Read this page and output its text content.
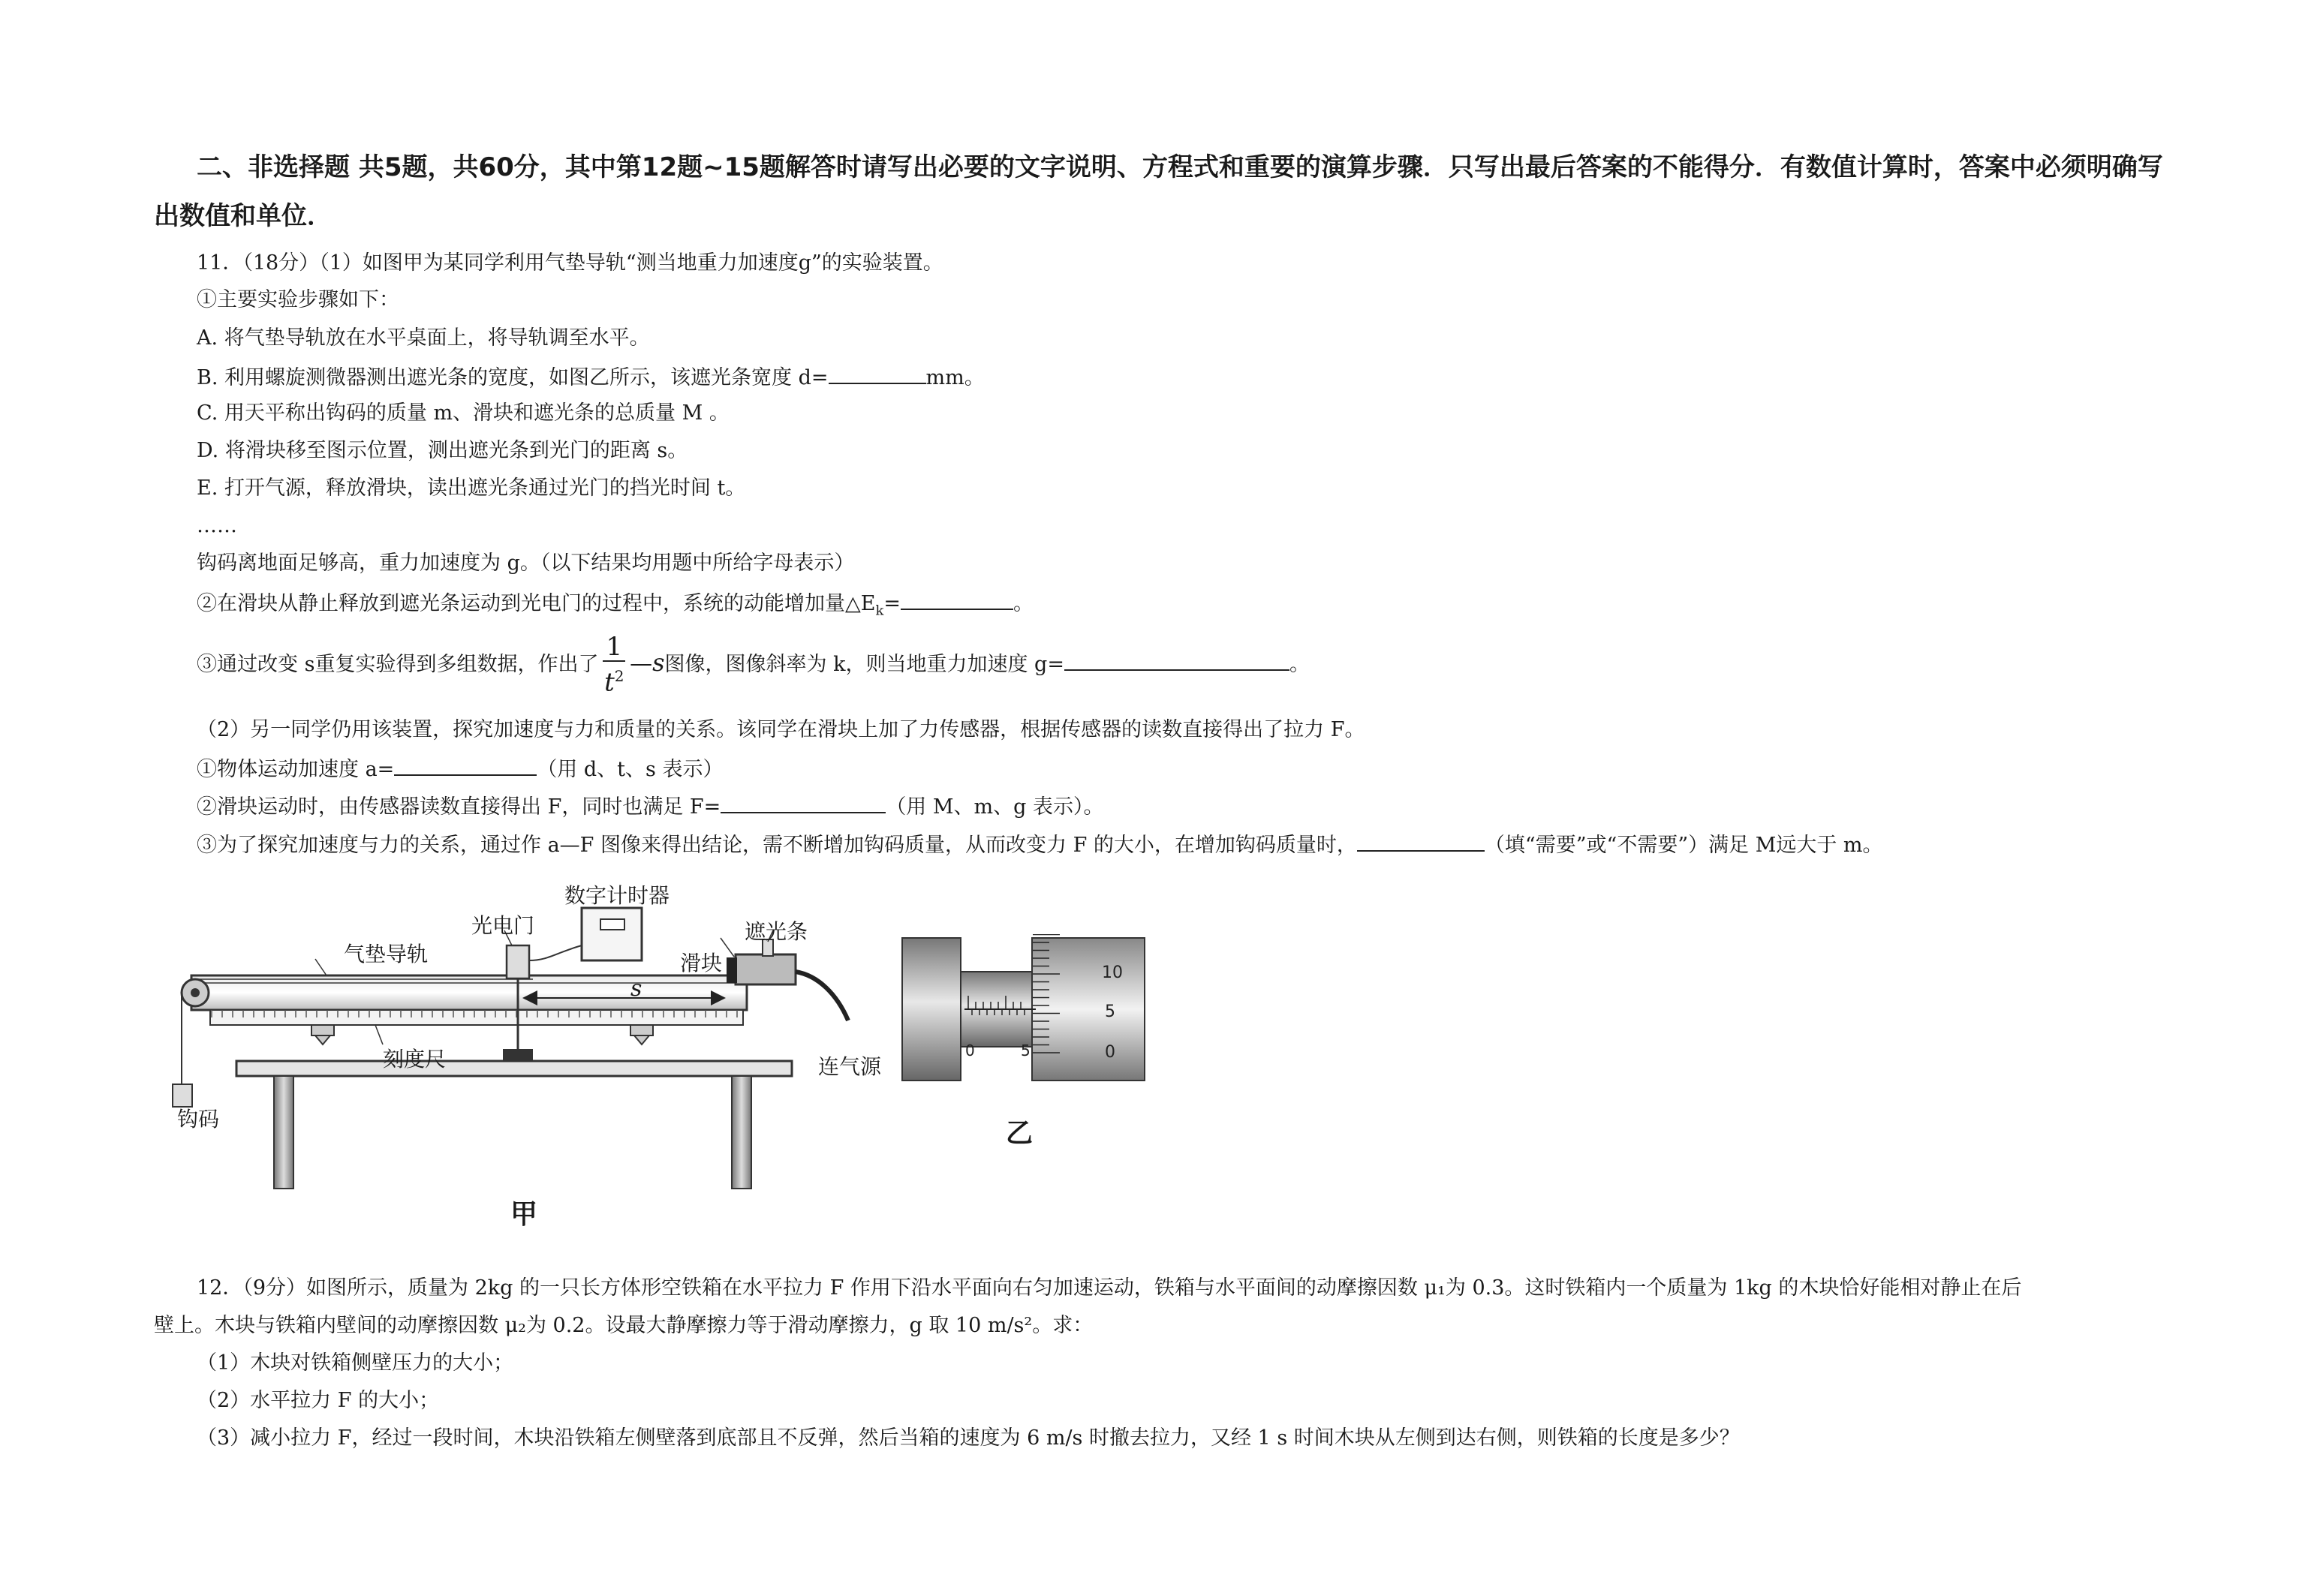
二、非选择题 共5题，共60分，其中第12题~15题解答时请写出必要的文字说明、方程式和重要的演算步骤．只写出最后答案的不能得分．有数值计算时，答案中必须明确写
出数值和单位．
11．（18分）（1）如图甲为某同学利用气垫导轨“测当地重力加速度g”的实验装置。
①主要实验步骤如下：
A. 将气垫导轨放在水平桌面上，将导轨调至水平。
B. 利用螺旋测微器测出遮光条的宽度，如图乙所示，该遮光条宽度 d=	mm。
C. 用天平称出钩码的质量 m、滑块和遮光条的总质量 M 。
D. 将滑块移至图示位置，测出遮光条到光门的距离 s。
E. 打开气源，释放滑块，读出遮光条通过光门的挡光时间 t。
……
钩码离地面足够高，重力加速度为 g。（以下结果均用题中所给字母表示）
②在滑块从静止释放到遮光条运动到光电门的过程中，系统的动能增加量$\triangle E_k=$	。
③通过改变 s重复实验得到多组数据，作出了 $\frac{1}{t^2}$ —s图像，图像斜率为 k，则当地重力加速度 g=	。
（2）另一同学仍用该装置，探究加速度与力和质量的关系。该同学在滑块上加了力传感器，根据传感器的读数直接得出了拉力 F。
①物体运动加速度 a=	（用 d、t、s 表示）
②滑块运动时，由传感器读数直接得出 F，同时也满足 F=	（用 M、m、g 表示）。
③为了探究加速度与力的关系，通过作 a—F 图像来得出结论，需不断增加钩码质量，从而改变力 F 的大小，在增加钩码质量时，	（填“需要”或“不需要”）满足 M远大于 m。
数字计时器
光电门
气垫导轨
遮光条
滑块
s
刻度尺	连气源
钩码
甲
10
5
0
0	5
乙
12．（9分）如图所示，质量为 2kg 的一只长方体形空铁箱在水平拉力 F 作用下沿水平面向右匀加速运动，铁箱与水平面间的动摩擦因数 μ₁为 0.3。这时铁箱内一个质量为 1kg 的木块恰好能相对静止在后
壁上。木块与铁箱内壁间的动摩擦因数 μ₂为 0.2。设最大静摩擦力等于滑动摩擦力，g 取 10 m/s²。求：
（1）木块对铁箱侧壁压力的大小；
（2）水平拉力 F 的大小；
（3）减小拉力 F，经过一段时间，木块沿铁箱左侧壁落到底部且不反弹，然后当箱的速度为 6 m/s 时撤去拉力，又经 1 s 时间木块从左侧到达右侧，则铁箱的长度是多少？
